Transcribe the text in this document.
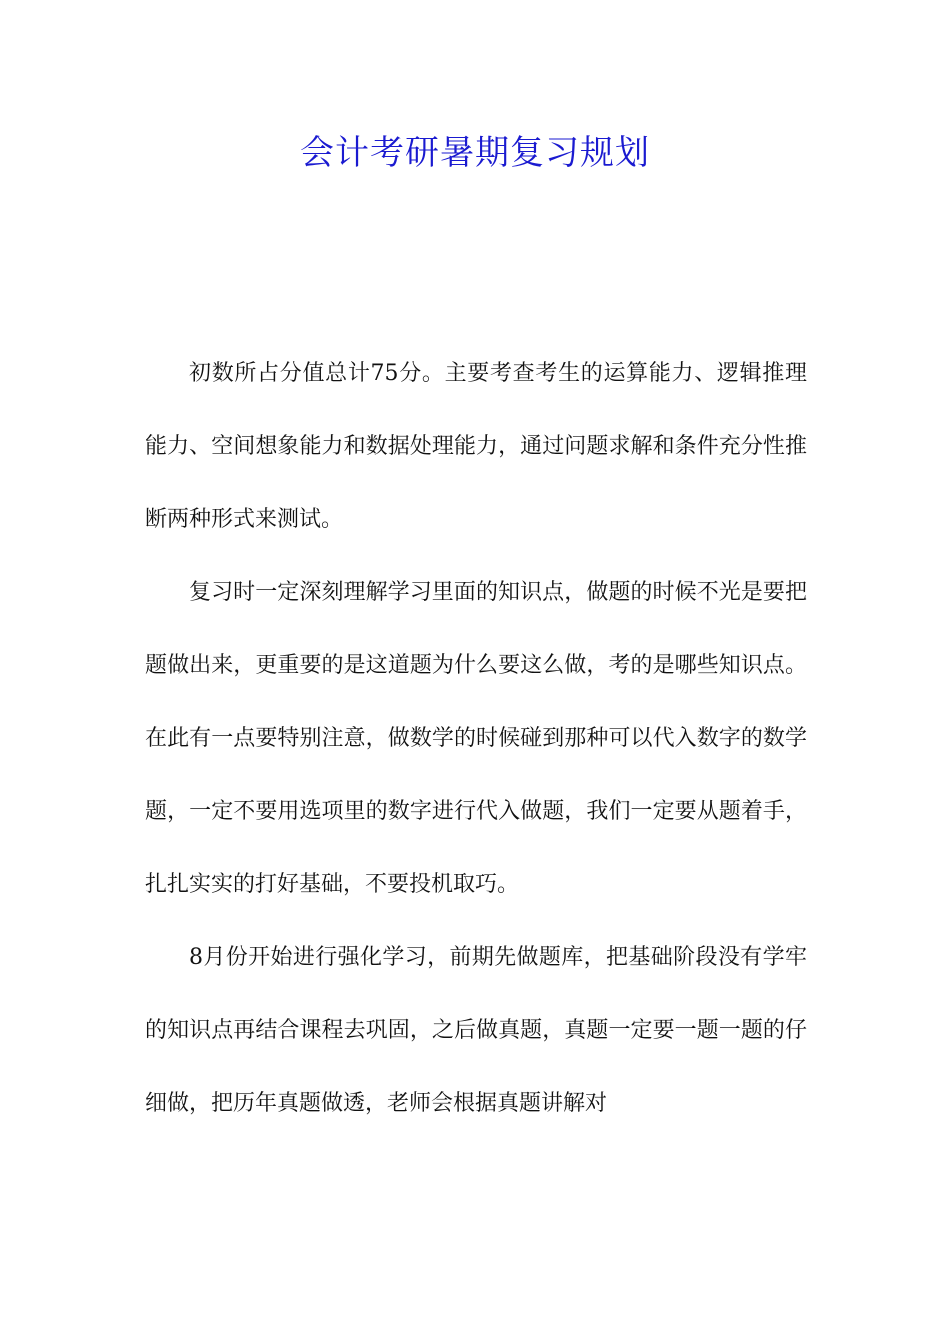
会计考研暑期复习规划

初数所占分值总计75分。主要考查考生的运算能力、逻辑推理能力、空间想象能力和数据处理能力，通过问题求解和条件充分性推断两种形式来测试。

复习时一定深刻理解学习里面的知识点，做题的时候不光是要把题做出来，更重要的是这道题为什么要这么做，考的是哪些知识点。在此有一点要特别注意，做数学的时候碰到那种可以代入数字的数学题，一定不要用选项里的数字进行代入做题，我们一定要从题着手，扎扎实实的打好基础，不要投机取巧。

8月份开始进行强化学习，前期先做题库，把基础阶段没有学牢的知识点再结合课程去巩固，之后做真题，真题一定要一题一题的仔细做，把历年真题做透，老师会根据真题讲解对
